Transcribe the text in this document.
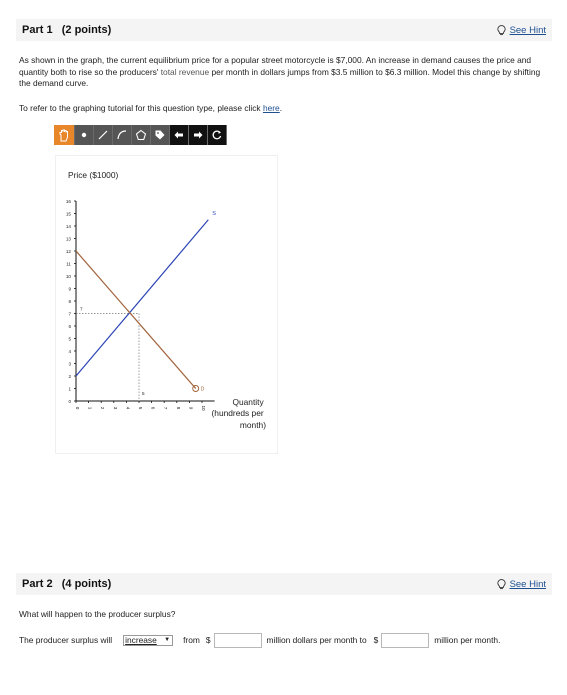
Part 1 (2 points)	See Hint
As shown in the graph, the current equilibrium price for a popular street motorcycle is $7,000. An increase in demand causes the price and quantity both to rise so the producers' total revenue per month in dollars jumps from $3.5 million to $6.3 million. Model this change by shifting the demand curve.
To refer to the graphing tutorial for this question type, please click here.
Price ($1000)
0
1
2
3
4
5
6
7
8
9
10
11
12
13
14
15
16
0 1 2 3 4 5 6 7 8 9 10
7
5
S
D
Quantity (hundreds per month)
Part 2 (4 points)	See Hint
What will happen to the producer surplus?
The producer surplus will increase ▼ from $	million dollars per month to $	million per month.
